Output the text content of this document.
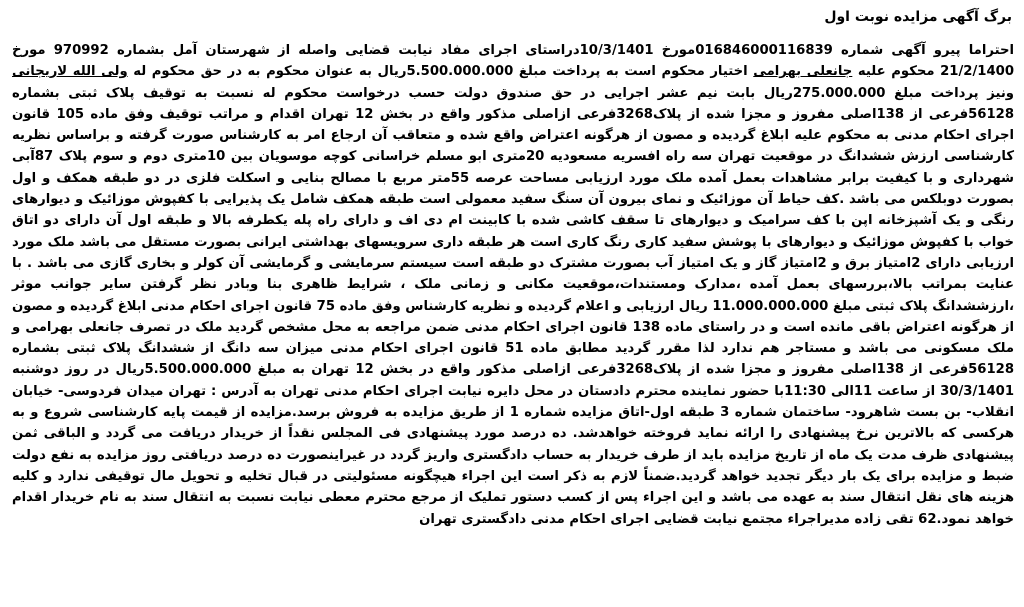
برگ آگهی مزایده نوبت اول

احتراما پیرو آگهی شماره 016846000116839مورخ 10/3/1401دراستای اجرای مفاد نیابت قضایی واصله از شهرستان آمل بشماره 970992 مورخ 21/2/1400 محکوم علیه جانعلی بهرامی اختیار محکوم است به پرداخت مبلغ 5.500.000.000ریال به عنوان محکوم به در حق محکوم له ولی الله لاریجانی ونیز پرداخت مبلغ 275.000.000ریال بابت نیم عشر اجرایی در حق صندوق دولت حسب درخواست محکوم له نسبت به توقیف پلاک ثبتی بشماره 56128فرعی از 138اصلی مفروز و مجزا شده از پلاک3268فرعی ازاصلی مذکور واقع در بخش 12 تهران اقدام و مراتب توقیف وفق ماده 105 قانون اجرای احکام مدنی به محکوم علیه ابلاغ گردیده و مصون از هرگونه اعتراض واقع شده و متعاقب آن ارجاع امر به کارشناس صورت گرفته و براساس نظریه کارشناسی ارزش ششدانگ در موقعیت تهران سه راه افسریه مسعودیه 20متری ابو مسلم خراسانی کوچه موسویان بین 10متری دوم و سوم پلاک 87آبی شهرداری و با کیفیت برابر مشاهدات بعمل آمده ملک مورد ارزیابی مساحت عرصه 55متر مربع با مصالح بنایی و اسکلت فلزی در دو طبقه همکف و اول بصورت دوبلکس می باشد .کف حیاط آن موزائیک و نمای بیرون آن سنگ سفید معمولی است طبقه همکف شامل یک پذیرایی با کفپوش موزائیک و دیوارهای رنگی و یک آشپزخانه اپن با کف سرامیک و دیوارهای تا سقف کاشی شده با کابینت ام دی اف و دارای راه پله یکطرفه بالا و طبقه اول آن دارای دو اتاق خواب با کفپوش موزائیک و دیوارهای با پوشش سفید کاری رنگ کاری است هر طبقه داری سرویسهای بهداشتی ایرانی بصورت مستقل می باشد ملک مورد ارزیابی دارای 2امتیاز برق و 2امتیاز گاز و یک امتیاز آب بصورت مشترک دو طبقه است سیستم سرمایشی و گرمایشی آن کولر و بخاری گازی می باشد . با عنایت بمراتب بالا،بررسهای بعمل آمده ،مدارک ومستندات،موقعیت مکانی و زمانی ملک ، شرایط ظاهری بنا وبادر نظر گرفتن سایر جوانب موثر ،ارزششدانگ پلاک ثبتی مبلغ 11.000.000.000 ریال ارزیابی و اعلام گردیده و نظریه کارشناس وفق ماده 75 قانون اجرای احکام مدنی ابلاغ گردیده و مصون از هرگونه اعتراض باقی مانده است و در راستای ماده 138 قانون اجرای احکام مدنی ضمن مراجعه به محل مشخص گردید ملک در تصرف جانعلی بهرامی و ملک مسکونی می باشد و مستاجر هم ندارد لذا مقرر گردید مطابق ماده 51 قانون اجرای احکام مدنی میزان سه دانگ از ششدانگ پلاک ثبتی بشماره 56128فرعی از 138اصلی مفروز و مجزا شده از پلاک3268فرعی ازاصلی مذکور واقع در بخش 12 تهران به مبلغ 5.500.000.000ریال در روز دوشنبه 30/3/1401 از ساعت 11الی 11:30با حضور نماینده محترم دادستان در محل دایره نیابت اجرای احکام مدنی تهران به آدرس : تهران میدان فردوسی- خیابان انقلاب- بن بست شاهرود- ساختمان شماره 3 طبقه اول-اتاق مزایده شماره 1 از طریق مزایده به فروش برسد.مزایده از قیمت پایه کارشناسی شروع و به هرکسی که بالاترین نرخ پیشنهادی را ارائه نماید فروخته خواهدشد. ده درصد مورد پیشنهادی فی المجلس نقداً از خریدار دریافت می گردد و الباقی ثمن پیشنهادی ظرف مدت یک ماه از تاریخ مزایده باید از طرف خریدار به حساب دادگستری واریز گردد در غیراینصورت ده درصد دریافتی روز مزایده به نفع دولت ضبط و مزایده برای یک بار دیگر تجدید خواهد گردید.ضمناً لازم به ذکر است این اجراء هیچگونه مسئولیتی در قبال تخلیه و تحویل مال توقیفی ندارد و کلیه هزینه های نقل انتقال سند به عهده می باشد و این اجراء پس از کسب دستور تملیک از مرجع محترم معطی نیابت نسبت به انتقال سند به نام خریدار اقدام خواهد نمود.62 تقی زاده مدیراجراء مجتمع نیابت قضایی اجرای احکام مدنی دادگستری تهران
